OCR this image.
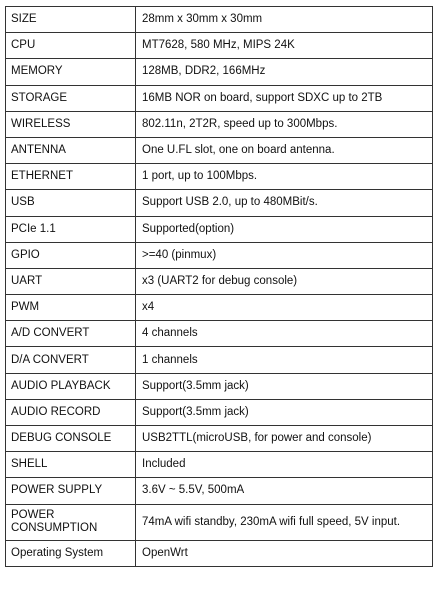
SIZE	28mm x 30mm x 30mm
CPU	MT7628, 580 MHz, MIPS 24K
MEMORY	128MB, DDR2, 166MHz
STORAGE	16MB NOR on board, support SDXC up to 2TB
WIRELESS	802.11n, 2T2R, speed up to 300Mbps.
ANTENNA	One U.FL slot, one on board antenna.
ETHERNET	1 port, up to 100Mbps.
USB	Support USB 2.0, up to 480MBit/s.
PCIe 1.1	Supported(option)
GPIO	>=40 (pinmux)
UART	x3 (UART2 for debug console)
PWM	x4
A/D CONVERT	4 channels
D/A CONVERT	1 channels
AUDIO PLAYBACK	Support(3.5mm jack)
AUDIO RECORD	Support(3.5mm jack)
DEBUG CONSOLE	USB2TTL(microUSB, for power and console)
SHELL	Included
POWER SUPPLY	3.6V ~ 5.5V, 500mA
POWER CONSUMPTION	74mA wifi standby, 230mA wifi full speed, 5V input.
Operating System	OpenWrt
